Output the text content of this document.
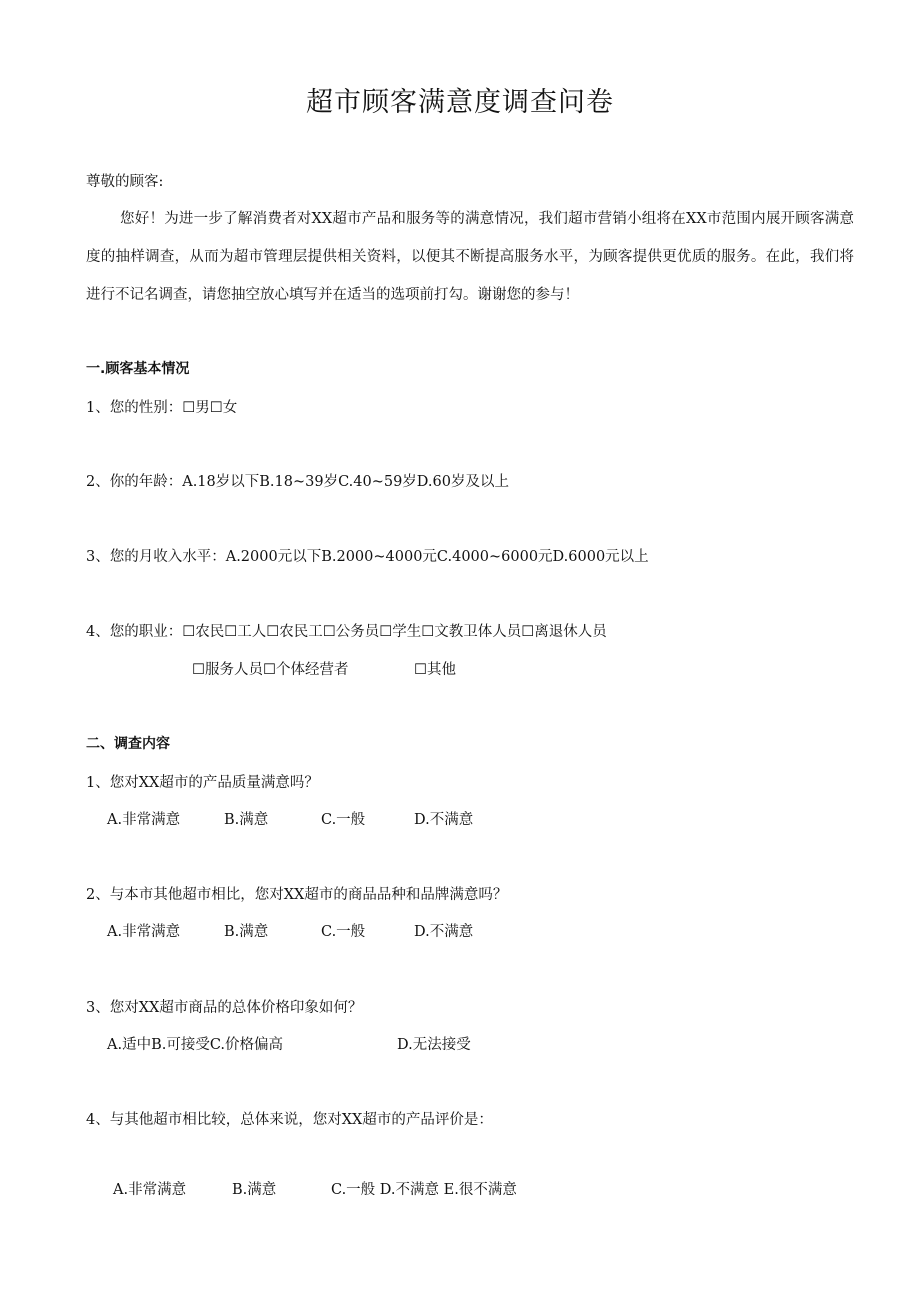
超市顾客满意度调查问卷
尊敬的顾客:
您好！为进一步了解消费者对XX超市产品和服务等的满意情况，我们超市营销小组将在XX市范围内展开顾客满意度的抽样调查，从而为超市管理层提供相关资料，以便其不断提高服务水平，为顾客提供更优质的服务。在此，我们将进行不记名调查，请您抽空放心填写并在适当的选项前打勾。谢谢您的参与！
一.顾客基本情况
1、您的性别：☐男☐女
2、你的年龄：A.18岁以下B.18~39岁C.40~59岁D.60岁及以上
3、您的月收入水平：A.2000元以下B.2000~4000元C.4000~6000元D.6000元以上
4、您的职业：☐农民☐工人☐农民工☐公务员☐学生☐文教卫体人员☐离退休人员
☐服务人员☐个体经营者	☐其他
二、调查内容
1、您对XX超市的产品质量满意吗？
A.非常满意	B.满意	C.一般	D.不满意
2、与本市其他超市相比，您对XX超市的商品品种和品牌满意吗？
A.非常满意	B.满意	C.一般	D.不满意
3、您对XX超市商品的总体价格印象如何？
A.适中B.可接受C.价格偏高	D.无法接受
4、与其他超市相比较，总体来说，您对XX超市的产品评价是：
A.非常满意	B.满意	C.一般 D.不满意 E.很不满意
